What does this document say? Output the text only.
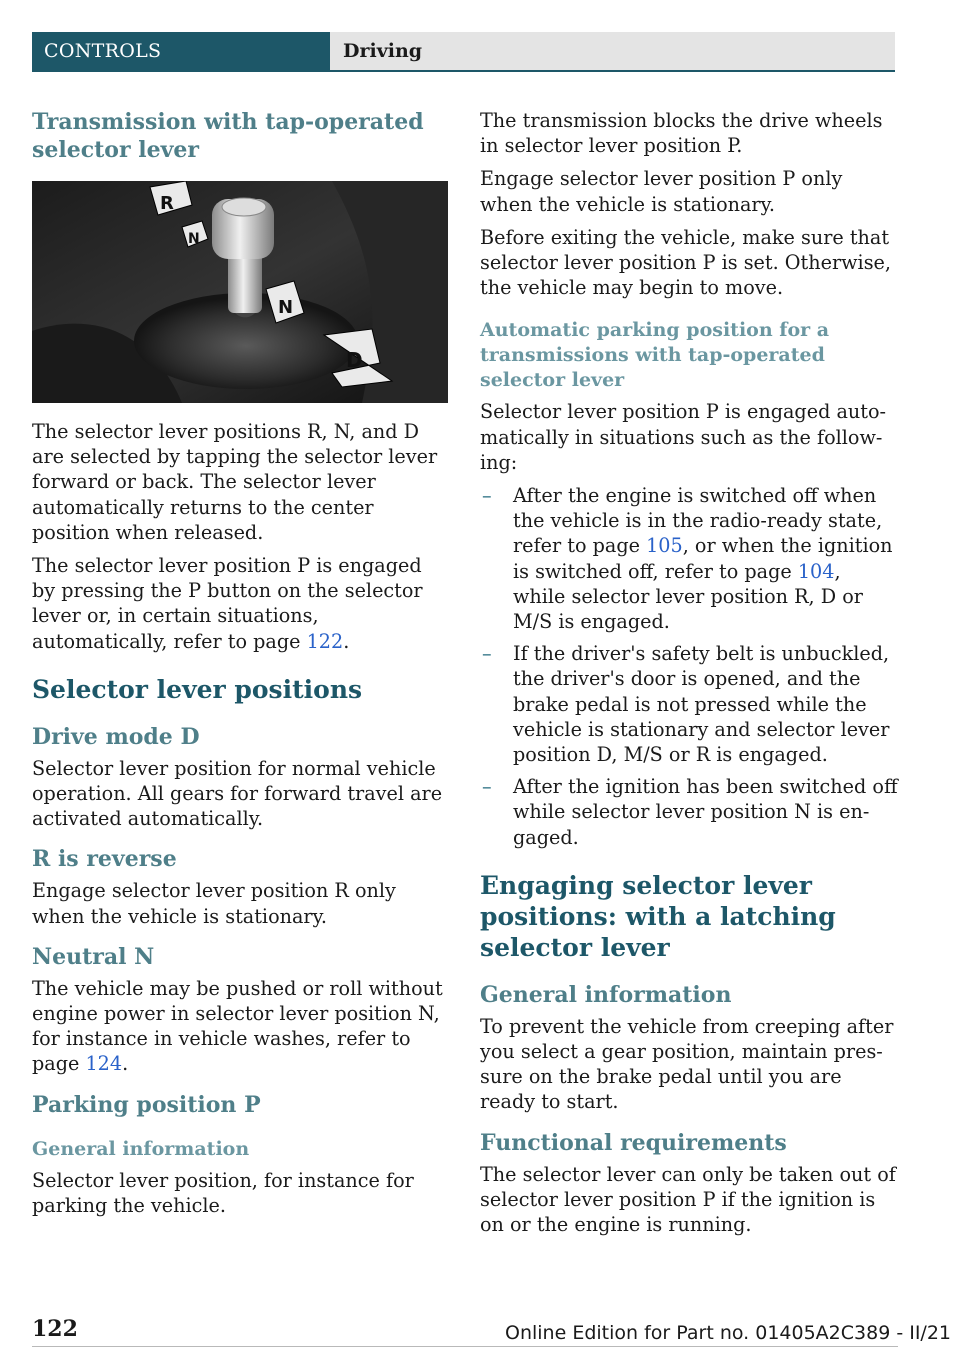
CONTROLS	Driving
Transmission with tap-operated selector lever
R
N
N
D

The selector lever positions R, N, and D are selected by tapping the selector lever forward or back. The selector lever automatically returns to the center position when released.

The selector lever position P is engaged by pressing the P button on the selector lever or, in certain situations, automatically, refer to page 122.

Selector lever positions
Drive mode D

Selector lever position for normal vehicle operation. All gears for forward travel are activated automatically.

R is reverse

Engage selector lever position R only when the vehicle is stationary.

Neutral N

The vehicle may be pushed or roll without engine power in selector lever position N, for instance in vehicle washes, refer to page 124.

Parking position P
General information

Selector lever position, for instance for parking the vehicle.

The transmission blocks the drive wheels in selector lever position P.

Engage selector lever position P only when the vehicle is stationary.

Before exiting the vehicle, make sure that selector lever position P is set. Otherwise, the vehicle may begin to move.

Automatic parking position for a transmissions with tap-operated selector lever

Selector lever position P is engaged automatically in situations such as the following:

– After the engine is switched off when the vehicle is in the radio-ready state, refer to page 105, or when the ignition is switched off, refer to page 104, while selector lever position R, D or M/S is engaged.
– If the driver's safety belt is unbuckled, the driver's door is opened, and the brake pedal is not pressed while the vehicle is stationary and selector lever position D, M/S or R is engaged.
– After the ignition has been switched off while selector lever position N is engaged.
Engaging selector lever positions: with a latching selector lever
General information

To prevent the vehicle from creeping after you select a gear position, maintain pressure on the brake pedal until you are ready to start.

Functional requirements

The selector lever can only be taken out of selector lever position P if the ignition is on or the engine is running.

122	Online Edition for Part no. 01405A2C389 - II/21
